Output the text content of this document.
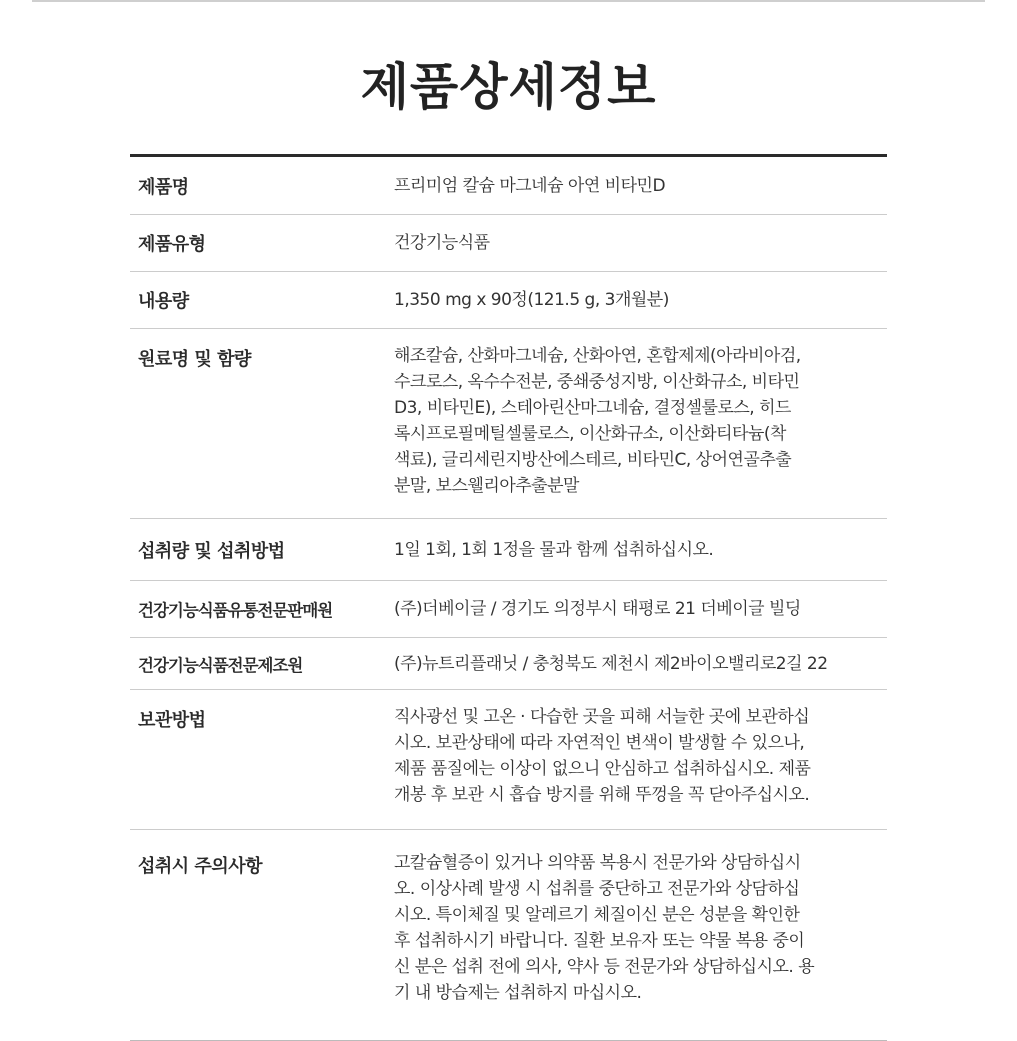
제품상세정보
제품명	프리미엄 칼슘 마그네슘 아연 비타민D
제품유형	건강기능식품
내용량	1,350 mg x 90정(121.5 g, 3개월분)
원료명 및 함량	해조칼슘, 산화마그네슘, 산화아연, 혼합제제(아라비아검,
수크로스, 옥수수전분, 중쇄중성지방, 이산화규소, 비타민
D3, 비타민E), 스테아린산마그네슘, 결정셀룰로스, 히드
록시프로필메틸셀룰로스, 이산화규소, 이산화티타늄(착
색료), 글리세린지방산에스테르, 비타민C, 상어연골추출
분말, 보스웰리아추출분말
섭취량 및 섭취방법	1일 1회, 1회 1정을 물과 함께 섭취하십시오.
건강기능식품유통전문판매원	(주)더베이글 / 경기도 의정부시 태평로 21 더베이글 빌딩
건강기능식품전문제조원	(주)뉴트리플래닛 / 충청북도 제천시 제2바이오밸리로2길 22
보관방법	직사광선 및 고온 · 다습한 곳을 피해 서늘한 곳에 보관하십
시오. 보관상태에 따라 자연적인 변색이 발생할 수 있으나,
제품 품질에는 이상이 없으니 안심하고 섭취하십시오. 제품
개봉 후 보관 시 흡습 방지를 위해 뚜껑을 꼭 닫아주십시오.
섭취시 주의사항	고칼슘혈증이 있거나 의약품 복용시 전문가와 상담하십시
오. 이상사례 발생 시 섭취를 중단하고 전문가와 상담하십
시오. 특이체질 및 알레르기 체질이신 분은 성분을 확인한
후 섭취하시기 바랍니다. 질환 보유자 또는 약물 복용 중이
신 분은 섭취 전에 의사, 약사 등 전문가와 상담하십시오. 용
기 내 방습제는 섭취하지 마십시오.
